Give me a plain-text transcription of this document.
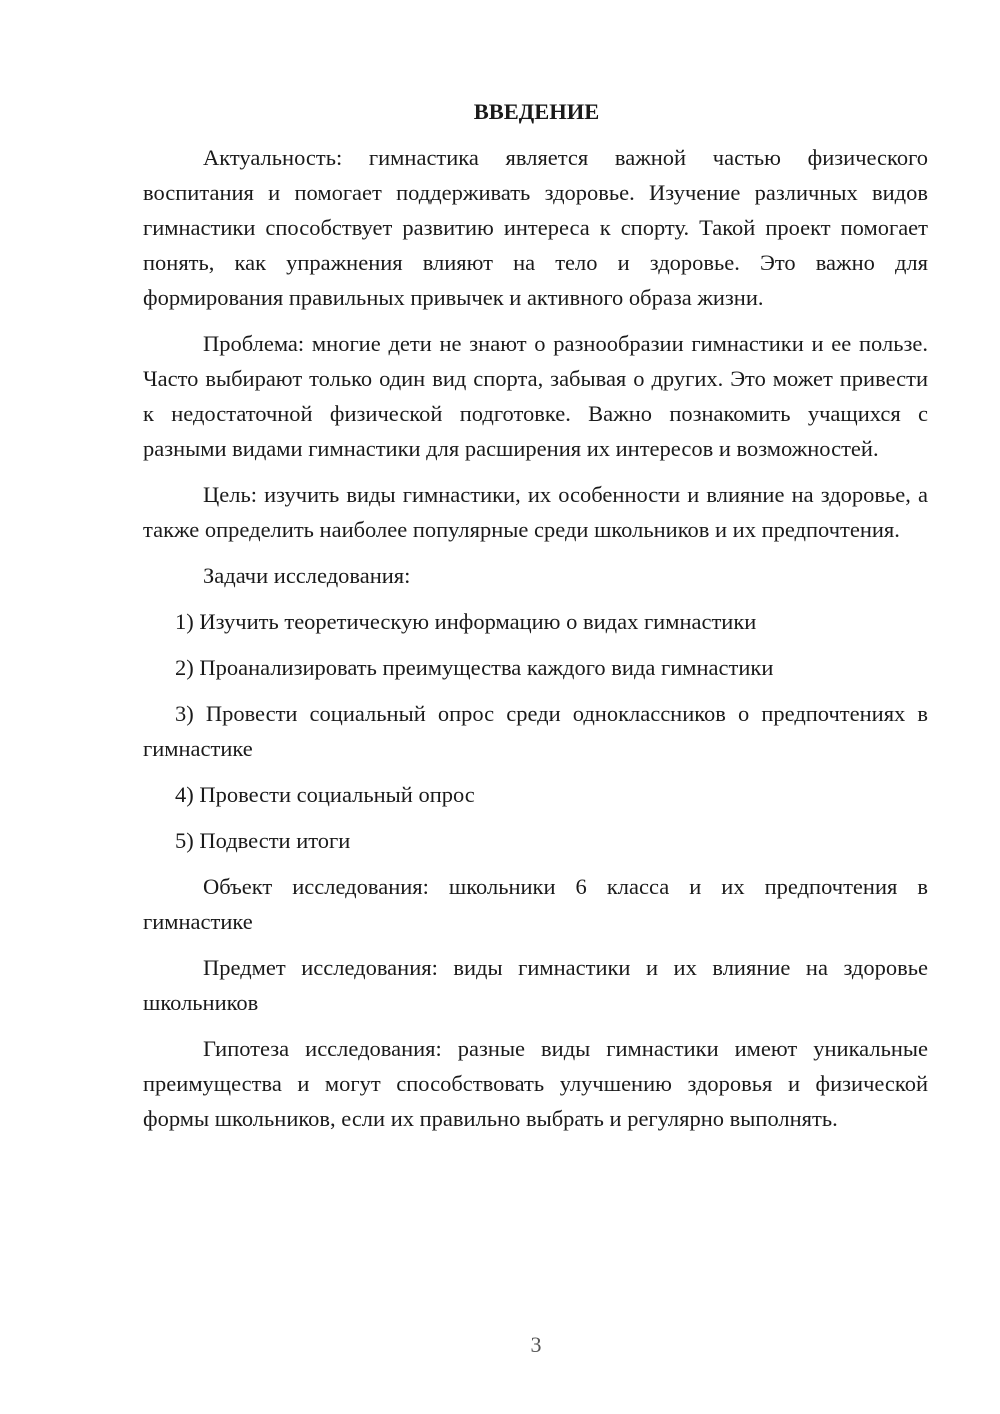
ВВЕДЕНИЕ

Актуальность: гимнастика является важной частью физического воспитания и помогает поддерживать здоровье. Изучение различных видов гимнастики способствует развитию интереса к спорту. Такой проект помогает понять, как упражнения влияют на тело и здоровье. Это важно для формирования правильных привычек и активного образа жизни.

Проблема: многие дети не знают о разнообразии гимнастики и ее пользе. Часто выбирают только один вид спорта, забывая о других. Это может привести к недостаточной физической подготовке. Важно познакомить учащихся с разными видами гимнастики для расширения их интересов и возможностей.

Цель: изучить виды гимнастики, их особенности и влияние на здоровье, а также определить наиболее популярные среди школьников и их предпочтения.

Задачи исследования:

1) Изучить теоретическую информацию о видах гимнастики

2) Проанализировать преимущества каждого вида гимнастики

3) Провести социальный опрос среди одноклассников о предпочтениях в гимнастике

4) Провести социальный опрос

5) Подвести итоги

Объект исследования: школьники 6 класса и их предпочтения в гимнастике

Предмет исследования: виды гимнастики и их влияние на здоровье школьников

Гипотеза исследования: разные виды гимнастики имеют уникальные преимущества и могут способствовать улучшению здоровья и физической формы школьников, если их правильно выбрать и регулярно выполнять.

3
